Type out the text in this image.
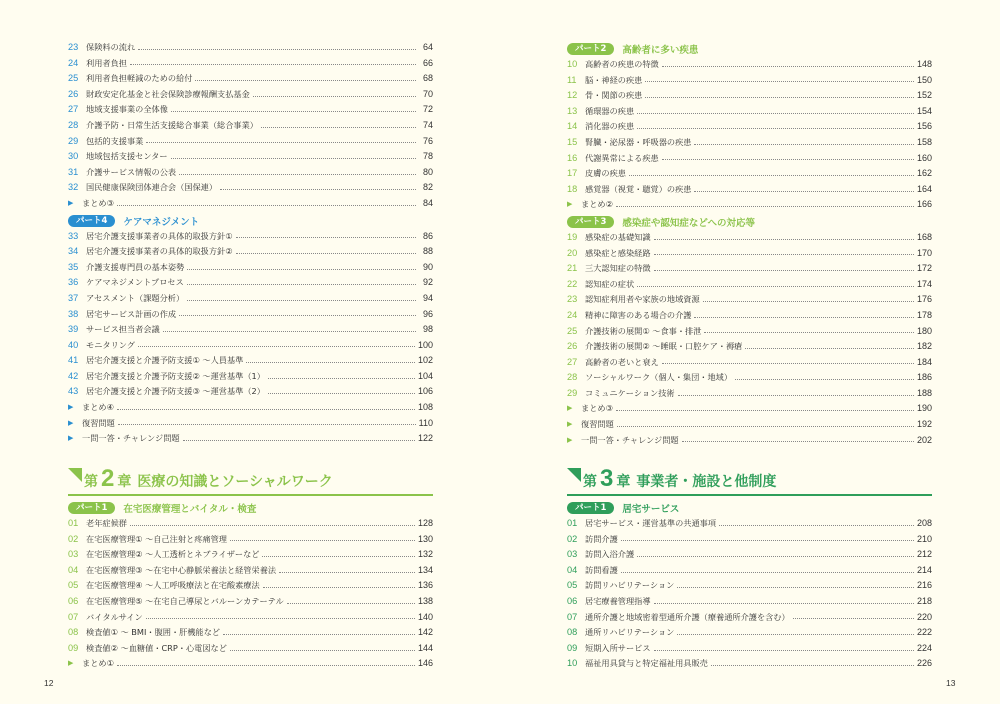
23 保険料の流れ	64
24 利用者負担	66
25 利用者負担軽減のための給付	68
26 財政安定化基金と社会保険診療報酬支払基金	70
27 地域支援事業の全体像	72
28 介護予防・日常生活支援総合事業（総合事業）	74
29 包括的支援事業	76
30 地域包括支援センター	78
31 介護サービス情報の公表	80
32 国民健康保険団体連合会（国保連）	82
▶	まとめ③	84
パート4	ケアマネジメント
33 居宅介護支援事業者の具体的取扱方針①	86
34 居宅介護支援事業者の具体的取扱方針②	88
35 介護支援専門員の基本姿勢	90
36 ケアマネジメントプロセス	92
37 アセスメント（課題分析）	94
38 居宅サービス計画の作成	96
39 サービス担当者会議	98
40 モニタリング	100
41 居宅介護支援と介護予防支援① ～人員基準	102
42 居宅介護支援と介護予防支援② ～運営基準（1）	104
43 居宅介護支援と介護予防支援③ ～運営基準（2）	106
▶	まとめ④	108
▶	復習問題	110
▶	一問一答・チャレンジ問題	122
第 2 章 医療の知識とソーシャルワーク
パート1	在宅医療管理とバイタル・検査
01 老年症候群	128
02 在宅医療管理① ～自己注射と疼痛管理	130
03 在宅医療管理② ～人工透析とネブライザーなど	132
04 在宅医療管理③ ～在宅中心静脈栄養法と経管栄養法	134
05 在宅医療管理④ ～人工呼吸療法と在宅酸素療法	136
06 在宅医療管理⑤ ～在宅自己導尿とバルーンカテーテル	138
07 バイタルサイン	140
08 検査値① ～ BMI・腹囲・肝機能など	142
09 検査値② ～血糖値・CRP・心電図など	144
▶	まとめ①	146
12
パート2	高齢者に多い疾患
10 高齢者の疾患の特徴	148
11	脳・神経の疾患	150
12 骨・関節の疾患	152
13 循環器の疾患	154
14 消化器の疾患	156
15 腎臓・泌尿器・呼吸器の疾患	158
16 代謝異常による疾患	160
17 皮膚の疾患	162
18 感覚器（視覚・聴覚）の疾患	164
▶	まとめ②	166
パート3	感染症や認知症などへの対応等
19 感染症の基礎知識	168
20 感染症と感染経路	170
21 三大認知症の特徴	172
22 認知症の症状	174
23 認知症利用者や家族の地域資源	176
24 精神に障害のある場合の介護	178
25 介護技術の展開① ～食事・排泄	180
26 介護技術の展開② ～睡眠・口腔ケア・褥瘡	182
27 高齢者の老いと衰え	184
28 ソーシャルワーク（個人・集団・地域）	186
29 コミュニケーション技術	188
▶	まとめ③	190
▶	復習問題	192
▶	一問一答・チャレンジ問題	202
第 3 章 事業者・施設と他制度
パート1	居宅サービス
01 居宅サービス・運営基準の共通事項	208
02 訪問介護	210
03 訪問入浴介護	212
04 訪問看護	214
05 訪問リハビリテーション	216
06 居宅療養管理指導	218
07 通所介護と地域密着型通所介護（療養通所介護を含む）	220
08 通所リハビリテーション	222
09 短期入所サービス	224
10 福祉用具貸与と特定福祉用具販売	226
13
